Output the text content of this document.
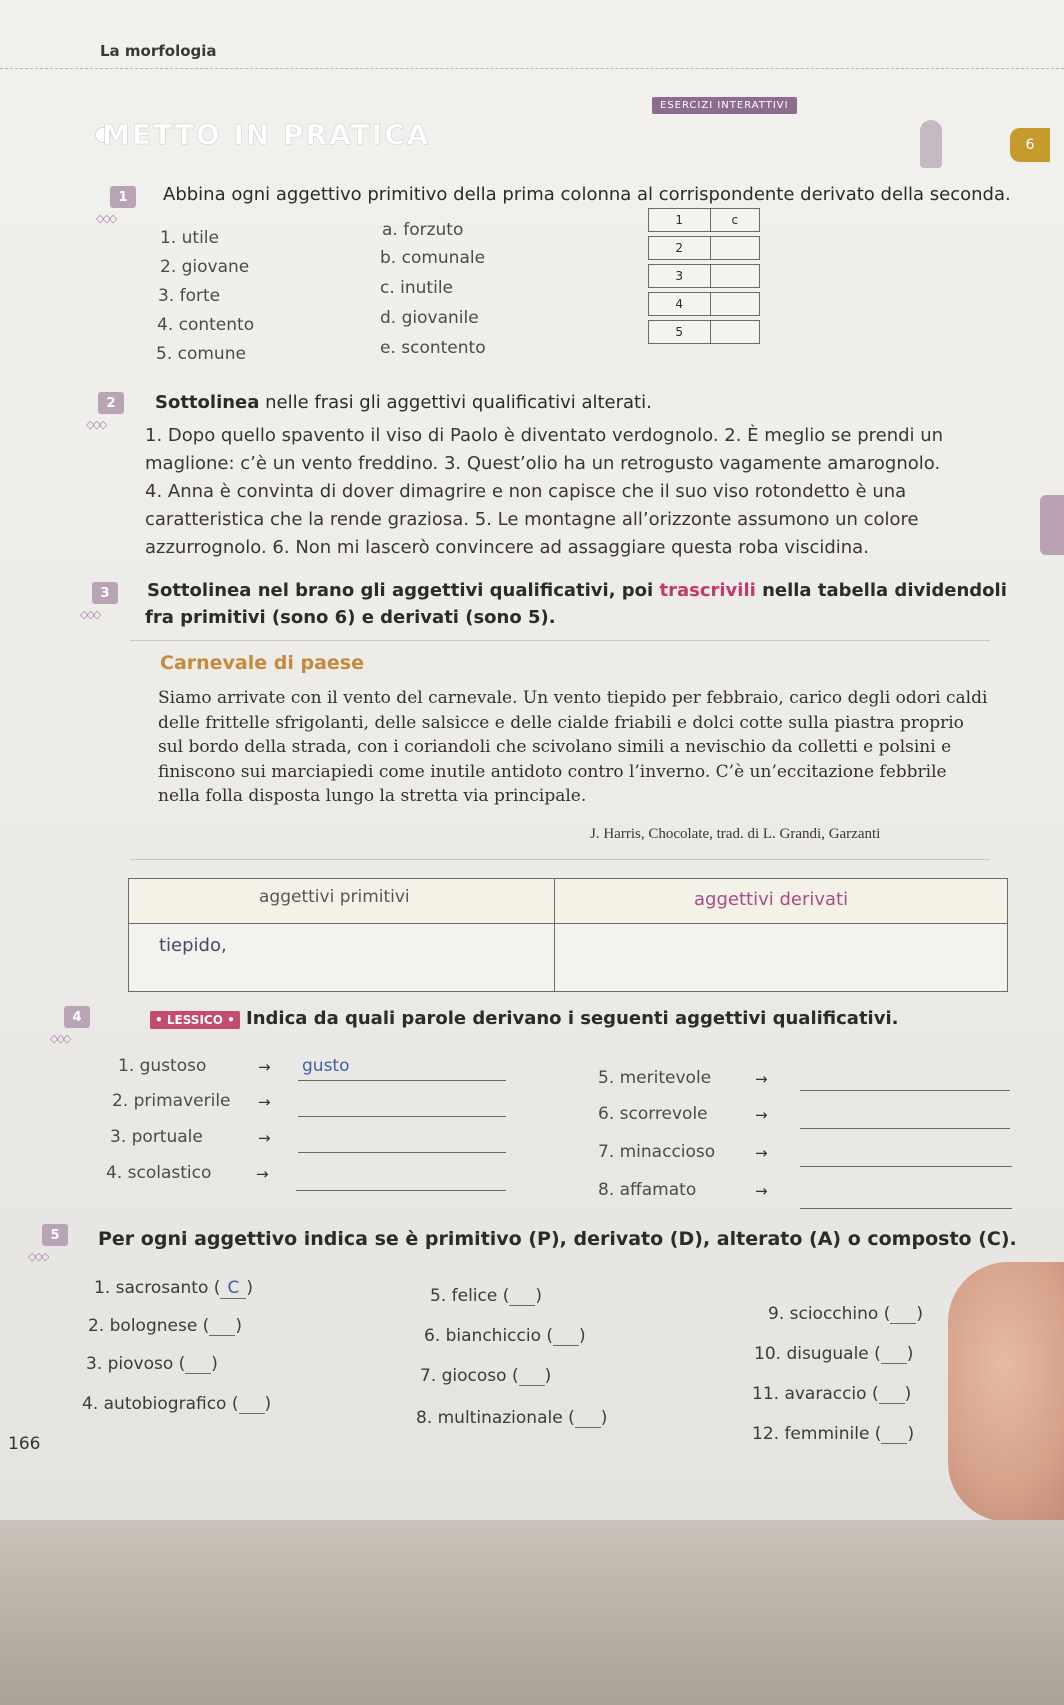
La morfologia
ESERCIZI INTERATTIVI
METTO IN PRATICA	6
1
◇◇◇
Abbina ogni aggettivo primitivo della prima colonna al corrispondente derivato della seconda.
1. utile
2. giovane
3. forte
4. contento
5. comune
a. forzuto
b. comunale
c. inutile
d. giovanile
e. scontento
1	c
2
3
4
5
2
◇◇◇
Sottolinea nelle frasi gli aggettivi qualificativi alterati.
1. Dopo quello spavento il viso di Paolo è diventato verdognolo. 2. È meglio se prendi un
maglione: c’è un vento freddino. 3. Quest’olio ha un retrogusto vagamente amarognolo.
4. Anna è convinta di dover dimagrire e non capisce che il suo viso rotondetto è una
caratteristica che la rende graziosa. 5. Le montagne all’orizzonte assumono un colore
azzurrognolo. 6. Non mi lascerò convincere ad assaggiare questa roba viscidina.
3
◇◇◇
Sottolinea nel brano gli aggettivi qualificativi, poi trascrivili nella tabella dividendoli
fra primitivi (sono 6) e derivati (sono 5).
Carnevale di paese
Siamo arrivate con il vento del carnevale. Un vento tiepido per febbraio, carico degli odori caldi delle frittelle sfrigolanti, delle salsicce e delle cialde friabili e dolci cotte sulla piastra proprio sul bordo della strada, con i coriandoli che scivolano simili a nevischio da colletti e polsini e finiscono sui marciapiedi come inutile antidoto contro l’inverno. C’è un’eccitazione febbrile nella folla disposta lungo la stretta via principale.
J. Harris, Chocolate, trad. di L. Grandi, Garzanti
aggettivi primitivi	aggettivi derivati
tiepido,
4
◇◇◇
• LESSICO • Indica da quali parole derivano i seguenti aggettivi qualificativi.
1. gustoso	→ gusto
2. primaverile →
3. portuale	→
4. scolastico	→
5. meritevole	→
6. scorrevole	→
7. minaccioso	→
8. affamato	→
5
◇◇◇
Per ogni aggettivo indica se è primitivo (P), derivato (D), alterato (A) o composto (C).
1. sacrosanto ( C )
2. bolognese ( )
3. piovoso ( )
4. autobiografico ( )
5. felice ( )
6. bianchiccio ( )
7. giocoso ( )
8. multinazionale ( )
9. sciocchino ( )
10. disuguale ( )
11. avaraccio ( )
12. femminile ( )
166
